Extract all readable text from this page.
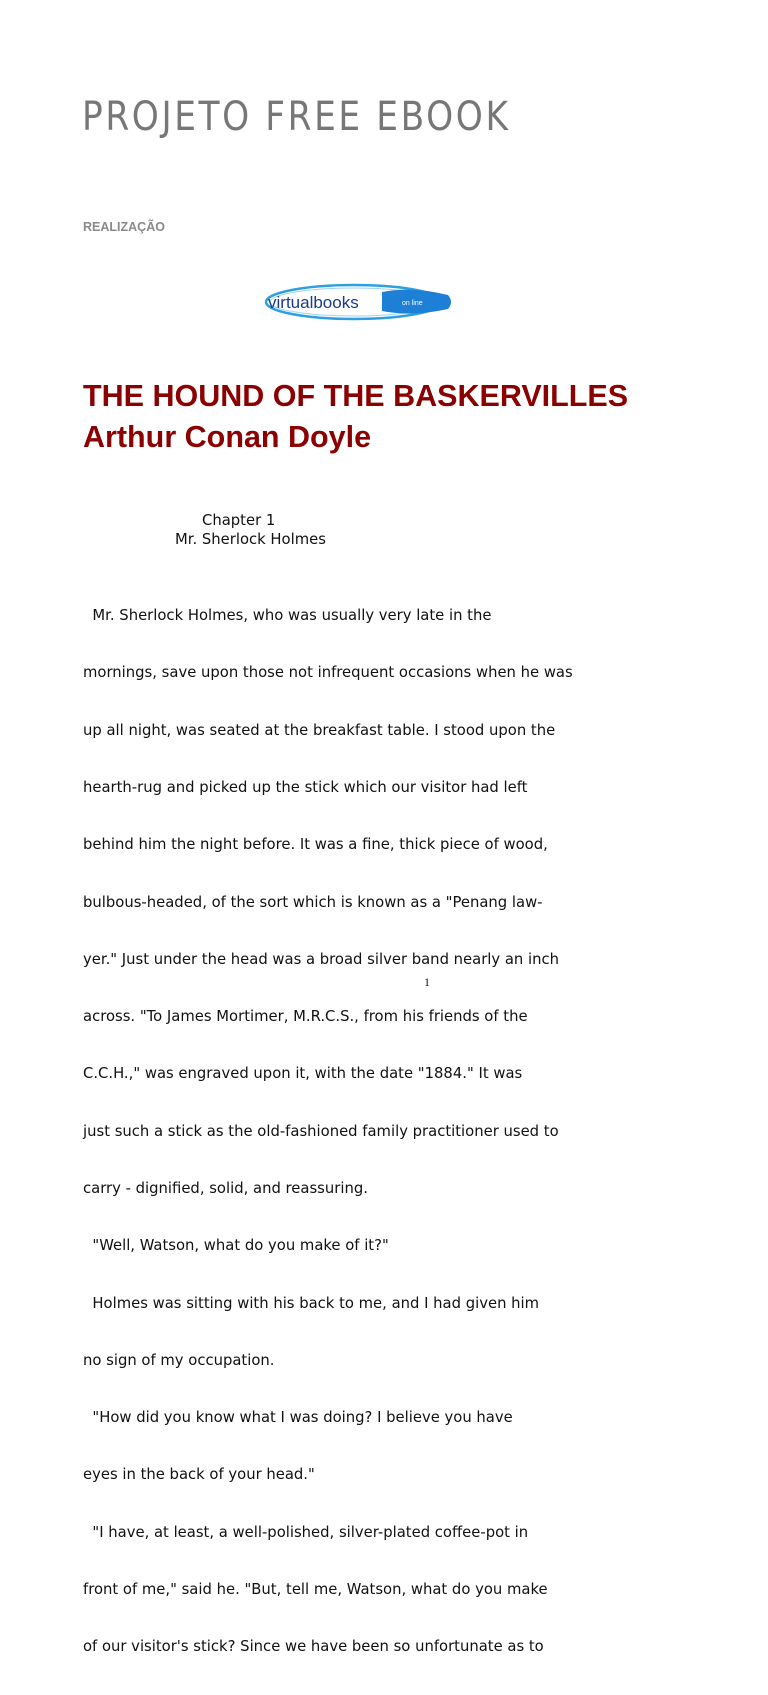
PROJETO FREE EBOOK
REALIZAÇÃO
virtualbooks	on line
THE HOUND OF THE BASKERVILLES
Arthur Conan Doyle
Chapter 1
Mr. Sherlock Holmes

Mr. Sherlock Holmes, who was usually very late in the

mornings, save upon those not infrequent occasions when he was

up all night, was seated at the breakfast table. I stood upon the

hearth-rug and picked up the stick which our visitor had left

behind him the night before. It was a fine, thick piece of wood,

bulbous-headed, of the sort which is known as a "Penang law-

yer." Just under the head was a broad silver band nearly an inch

across. "To James Mortimer, M.R.C.S., from his friends of the

C.C.H.," was engraved upon it, with the date "1884." It was

just such a stick as the old-fashioned family practitioner used to

carry - dignified, solid, and reassuring.

"Well, Watson, what do you make of it?"

Holmes was sitting with his back to me, and I had given him

no sign of my occupation.

"How did you know what I was doing? I believe you have

eyes in the back of your head."

"I have, at least, a well-polished, silver-plated coffee-pot in

front of me," said he. "But, tell me, Watson, what do you make

of our visitor's stick? Since we have been so unfortunate as to

1
